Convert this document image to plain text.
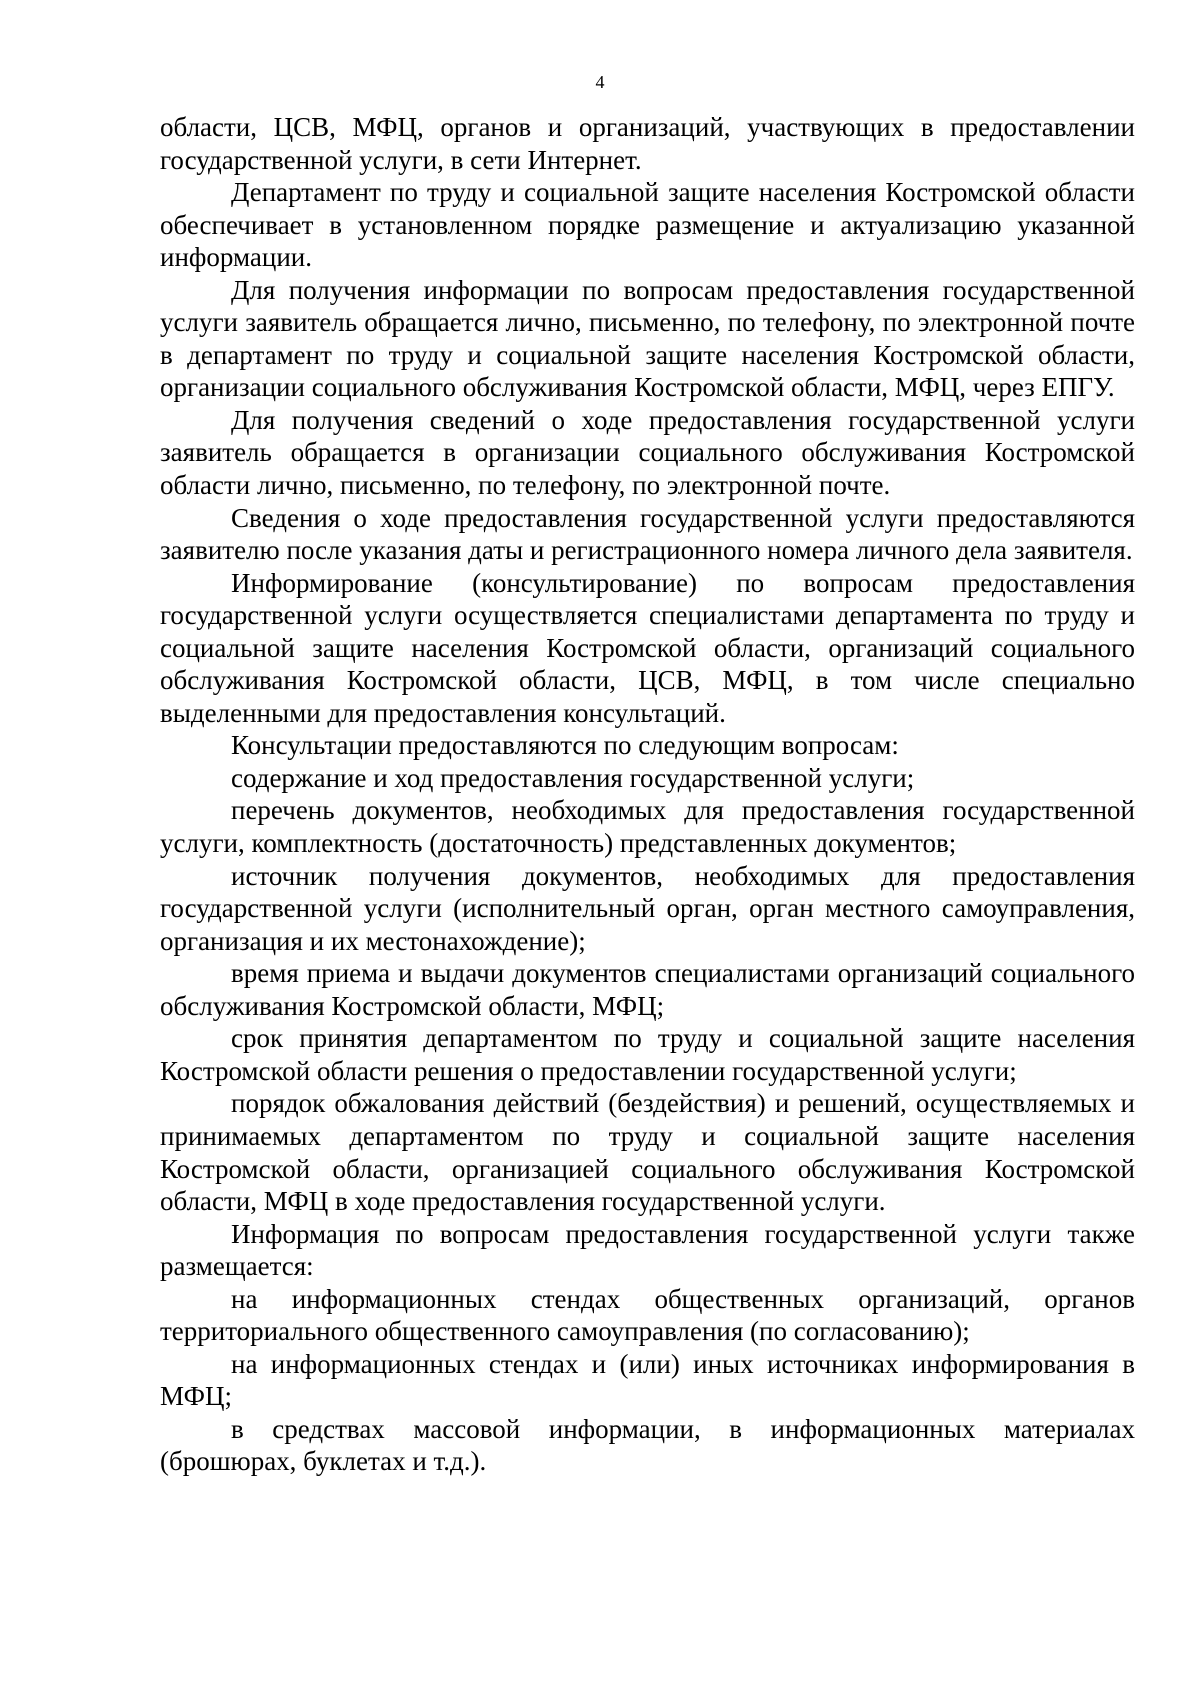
4

области, ЦСВ, МФЦ, органов и организаций, участвующих в предоставлении государственной услуги, в сети Интернет.

Департамент по труду и социальной защите населения Костромской области обеспечивает в установленном порядке размещение и актуализацию указанной информации.

Для получения информации по вопросам предоставления государственной услуги заявитель обращается лично, письменно, по телефону, по электронной почте в департамент по труду и социальной защите населения Костромской области, организации социального обслуживания Костромской области, МФЦ, через ЕПГУ.

Для получения сведений о ходе предоставления государственной услуги заявитель обращается в организации социального обслуживания Костромской области лично, письменно, по телефону, по электронной почте.

Сведения о ходе предоставления государственной услуги предоставляются заявителю после указания даты и регистрационного номера личного дела заявителя.

Информирование (консультирование) по вопросам предоставления государственной услуги осуществляется специалистами департамента по труду и социальной защите населения Костромской области, организаций социального обслуживания Костромской области, ЦСВ, МФЦ, в том числе специально выделенными для предоставления консультаций.

Консультации предоставляются по следующим вопросам:

содержание и ход предоставления государственной услуги;

перечень документов, необходимых для предоставления государственной услуги, комплектность (достаточность) представленных документов;

источник получения документов, необходимых для предоставления государственной услуги (исполнительный орган, орган местного самоуправления, организация и их местонахождение);

время приема и выдачи документов специалистами организаций социального обслуживания Костромской области, МФЦ;

срок принятия департаментом по труду и социальной защите населения Костромской области решения о предоставлении государственной услуги;

порядок обжалования действий (бездействия) и решений, осуществляемых и принимаемых департаментом по труду и социальной защите населения Костромской области, организацией социального обслуживания Костромской области, МФЦ в ходе предоставления государственной услуги.

Информация по вопросам предоставления государственной услуги также размещается:

на информационных стендах общественных организаций, органов территориального общественного самоуправления (по согласованию);

на информационных стендах и (или) иных источниках информирования в МФЦ;

в средствах массовой информации, в информационных материалах (брошюрах, буклетах и т.д.).
